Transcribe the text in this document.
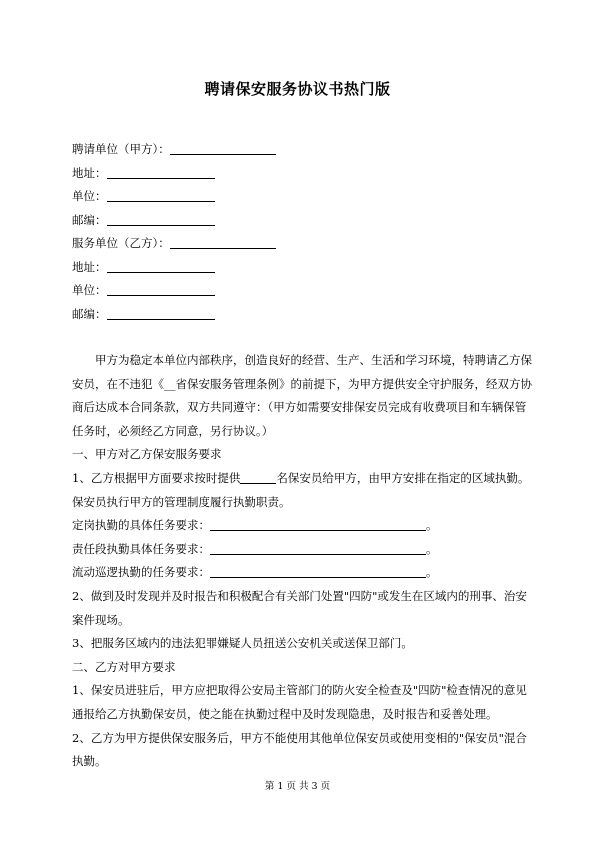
聘请保安服务协议书热门版
聘请单位（甲方）：
地址：
单位：
邮编：
服务单位（乙方）：
地址：
单位：
邮编：

甲方为稳定本单位内部秩序，创造良好的经营、生产、生活和学习环境，特聘请乙方保安员，在不违犯《__省保安服务管理条例》的前提下，为甲方提供安全守护服务，经双方协商后达成本合同条款，双方共同遵守：（甲方如需要安排保安员完成有收费项目和车辆保管任务时，必须经乙方同意，另行协议。）

一、甲方对乙方保安服务要求

1、乙方根据甲方面要求按时提供	名保安员给甲方，由甲方安排在指定的区域执勤。保安员执行甲方的管理制度履行执勤职责。

定岗执勤的具体任务要求：	。

责任段执勤具体任务要求：	。

流动巡逻执勤的任务要求：	。

2、做到及时发现并及时报告和积极配合有关部门处置"四防"或发生在区域内的刑事、治安案件现场。

3、把服务区域内的违法犯罪嫌疑人员扭送公安机关或送保卫部门。

二、乙方对甲方要求

1、保安员进驻后，甲方应把取得公安局主管部门的防火安全检查及"四防"检查情况的意见通报给乙方执勤保安员，使之能在执勤过程中及时发现隐患，及时报告和妥善处理。

2、乙方为甲方提供保安服务后，甲方不能使用其他单位保安员或使用变相的"保安员"混合执勤。

第 1 页 共 3 页
